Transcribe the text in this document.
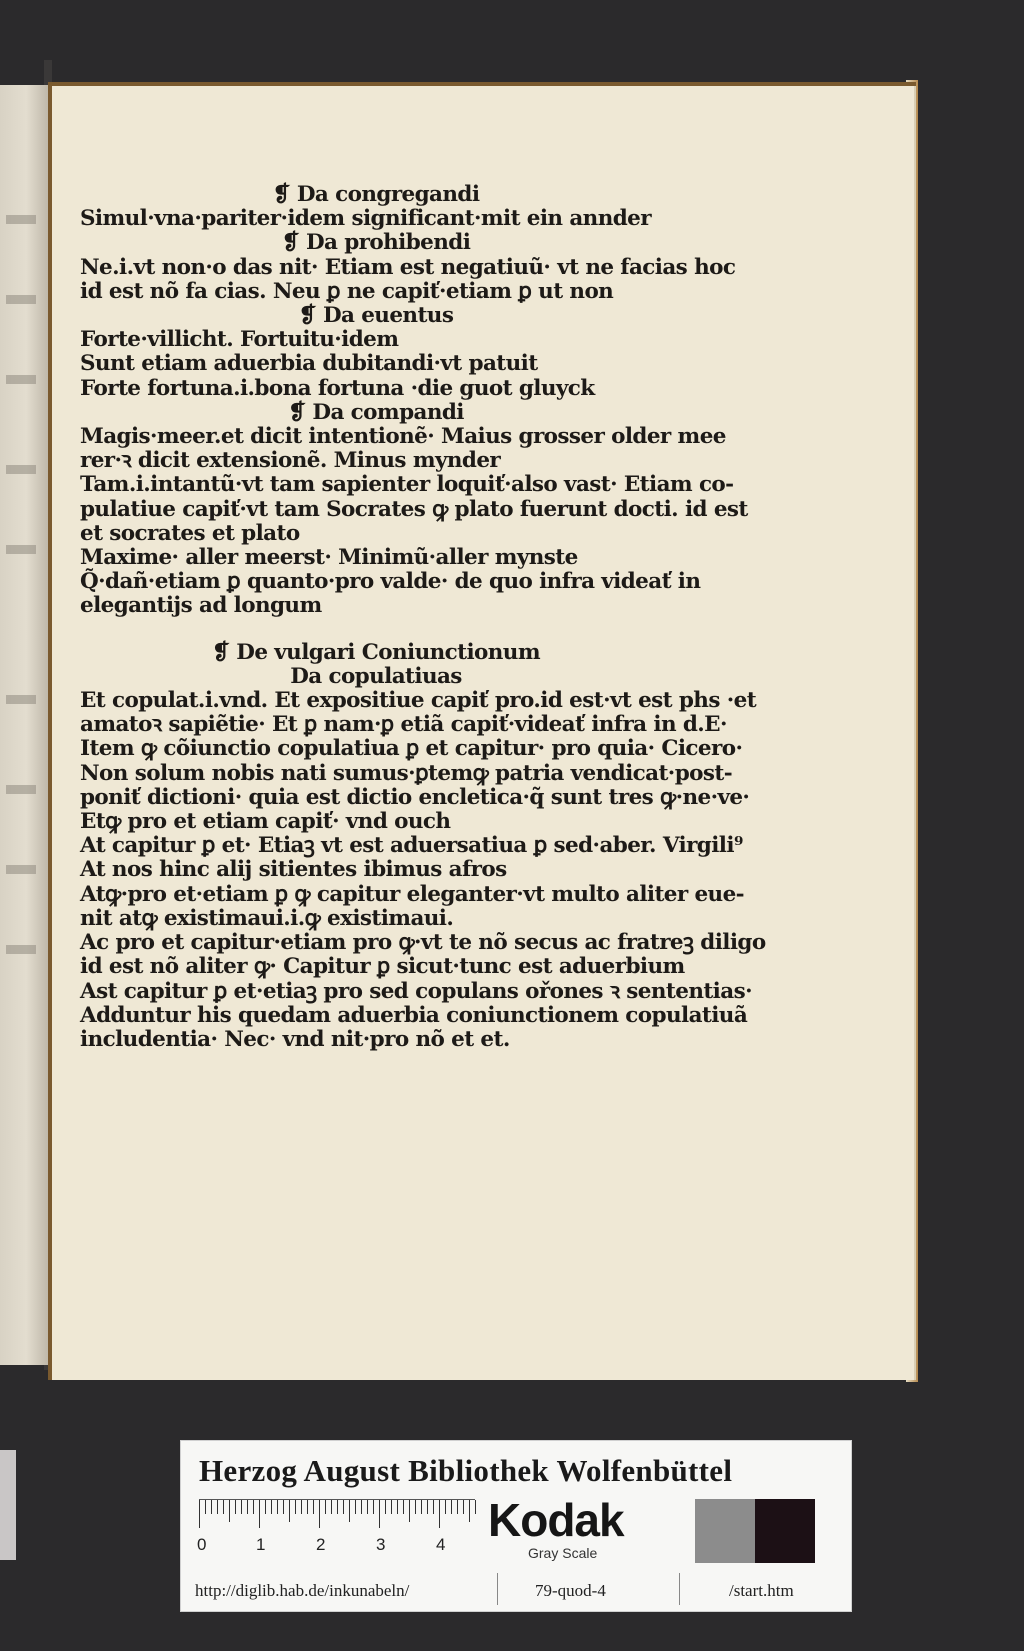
❡ Da congregandi
Simul·vna·pariter·idem significant·mit ein annder
❡ Da prohibendi
Ne.i.vt non·o das nit· Etiam est negatiuũ· vt ne facias hoc
id est nõ fa cias. Neu ꝑ ne capiť·etiam ꝑ ut non
❡ Da euentus
Forte·villicht. Fortuitu·idem
Sunt etiam aduerbia dubitandi·vt patuit
Forte fortuna.i.bona fortuna ·die guot gluyck
❡ Da compandi
Magis·meer.et dicit intentionẽ· Maius grosser older mee
rer·ꝛ dicit extensionẽ. Minus mynder
Tam.i.intantũ·vt tam sapienter loquiť·also vast· Etiam co-
pulatiue capiť·vt tam Socrates ꝙ plato fuerunt docti. id est
et socrates et plato
Maxime· aller meerst· Minimũ·aller mynste
Q̃·dañ·etiam ꝑ quanto·pro valde· de quo infra videať in
elegantijs ad longum
❡ De vulgari Coniunctionum
Da copulatiuas
Et copulat.i.vnd. Et expositiue capiť pro.id est·vt est phs ·et
amatoꝛ sapiẽtie· Et ꝑ nam·ꝑ etiã capiť·videať infra in d.E·
Item ꝙ cõiunctio copulatiua ꝑ et capitur· pro quia· Cicero·
Non solum nobis nati sumus·ꝑtemꝙ patria vendicat·post-
poniť dictioni· quia est dictio encletica·q̃ sunt tres ꝙ·ne·ve·
Etꝙ pro et etiam capiť· vnd ouch
At capitur ꝑ et· Etiaꝫ vt est aduersatiua ꝑ sed·aber. Virgili⁹
At nos hinc alij sitientes ibimus afros
Atꝙ·pro et·etiam ꝑ ꝙ capitur eleganter·vt multo aliter eue-
nit atꝙ existimaui.i.ꝙ existimaui.
Ac pro et capitur·etiam pro ꝙ·vt te nõ secus ac fratreꝫ diligo
id est nõ aliter ꝙ· Capitur ꝑ sicut·tunc est aduerbium
Ast capitur ꝑ et·etiaꝫ pro sed copulans ořones ꝛ sententias·
Adduntur his quedam aduerbia coniunctionem copulatiuã
includentia· Nec· vnd nit·pro nõ et et.
Herzog August Bibliothek Wolfenbüttel
0	1	2	3	4 Kodak
Gray Scale
http://diglib.hab.de/inkunabeln/	79-quod-4	/start.htm
